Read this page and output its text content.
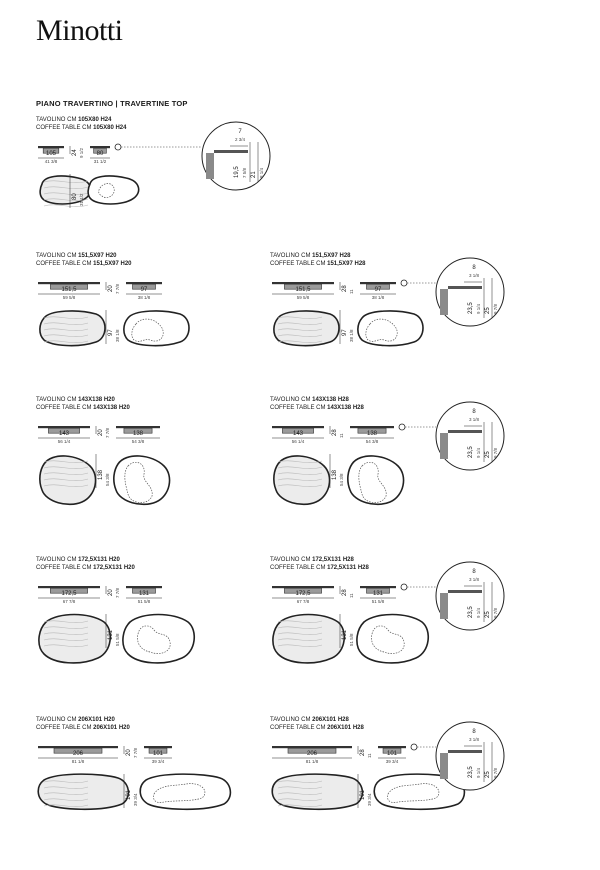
Minotti
PIANO TRAVERTINO | TRAVERTINE TOP
TAVOLINO CM 105X80 H24
COFFEE TABLE CM 105X80 H24
105
41 3/8
80
31 1/2
24 9 1/2
80 31 1/2
7
2 3/4
19,5 7 5/8 21 8 1/4
TAVOLINO CM 151,5X97 H20
COFFEE TABLE CM 151,5X97 H20
151,5
59 5/8
97
38 1/8
20 7 7/8
97 38 1/8
TAVOLINO CM 151,5X97 H28
COFFEE TABLE CM 151,5X97 H28
151,5
59 5/8
97
38 1/8
28 11
97 38 1/8
8
3 1/8
23,5 9 1/4 25 9 7/8
TAVOLINO CM 143X138 H20
COFFEE TABLE CM 143X138 H20
143
56 1/4
138
54 3/8
20 7 7/8
138 54 3/8
TAVOLINO CM 143X138 H28
COFFEE TABLE CM 143X138 H28
143
56 1/4
138
54 3/8
28 11
138 54 3/8
8
3 1/8
23,5 9 1/4 25 9 7/8
TAVOLINO CM 172,5X131 H20
COFFEE TABLE CM 172,5X131 H20
172,5
67 7/8
131
51 5/8
20 7 7/8
131 51 5/8
TAVOLINO CM 172,5X131 H28
COFFEE TABLE CM 172,5X131 H28
172,5
67 7/8
131
51 5/8
28 11
131 51 5/8
8
3 1/8
23,5 9 1/4 25 9 7/8
TAVOLINO CM 206X101 H20
COFFEE TABLE CM 206X101 H20
206
81 1/8
101
39 3/4
20 7 7/8
101 39 3/4
TAVOLINO CM 206X101 H28
COFFEE TABLE CM 206X101 H28
206
81 1/8
101
39 3/4
28 11
101 39 3/4
8
3 1/8
23,5 9 1/4 25 9 7/8
